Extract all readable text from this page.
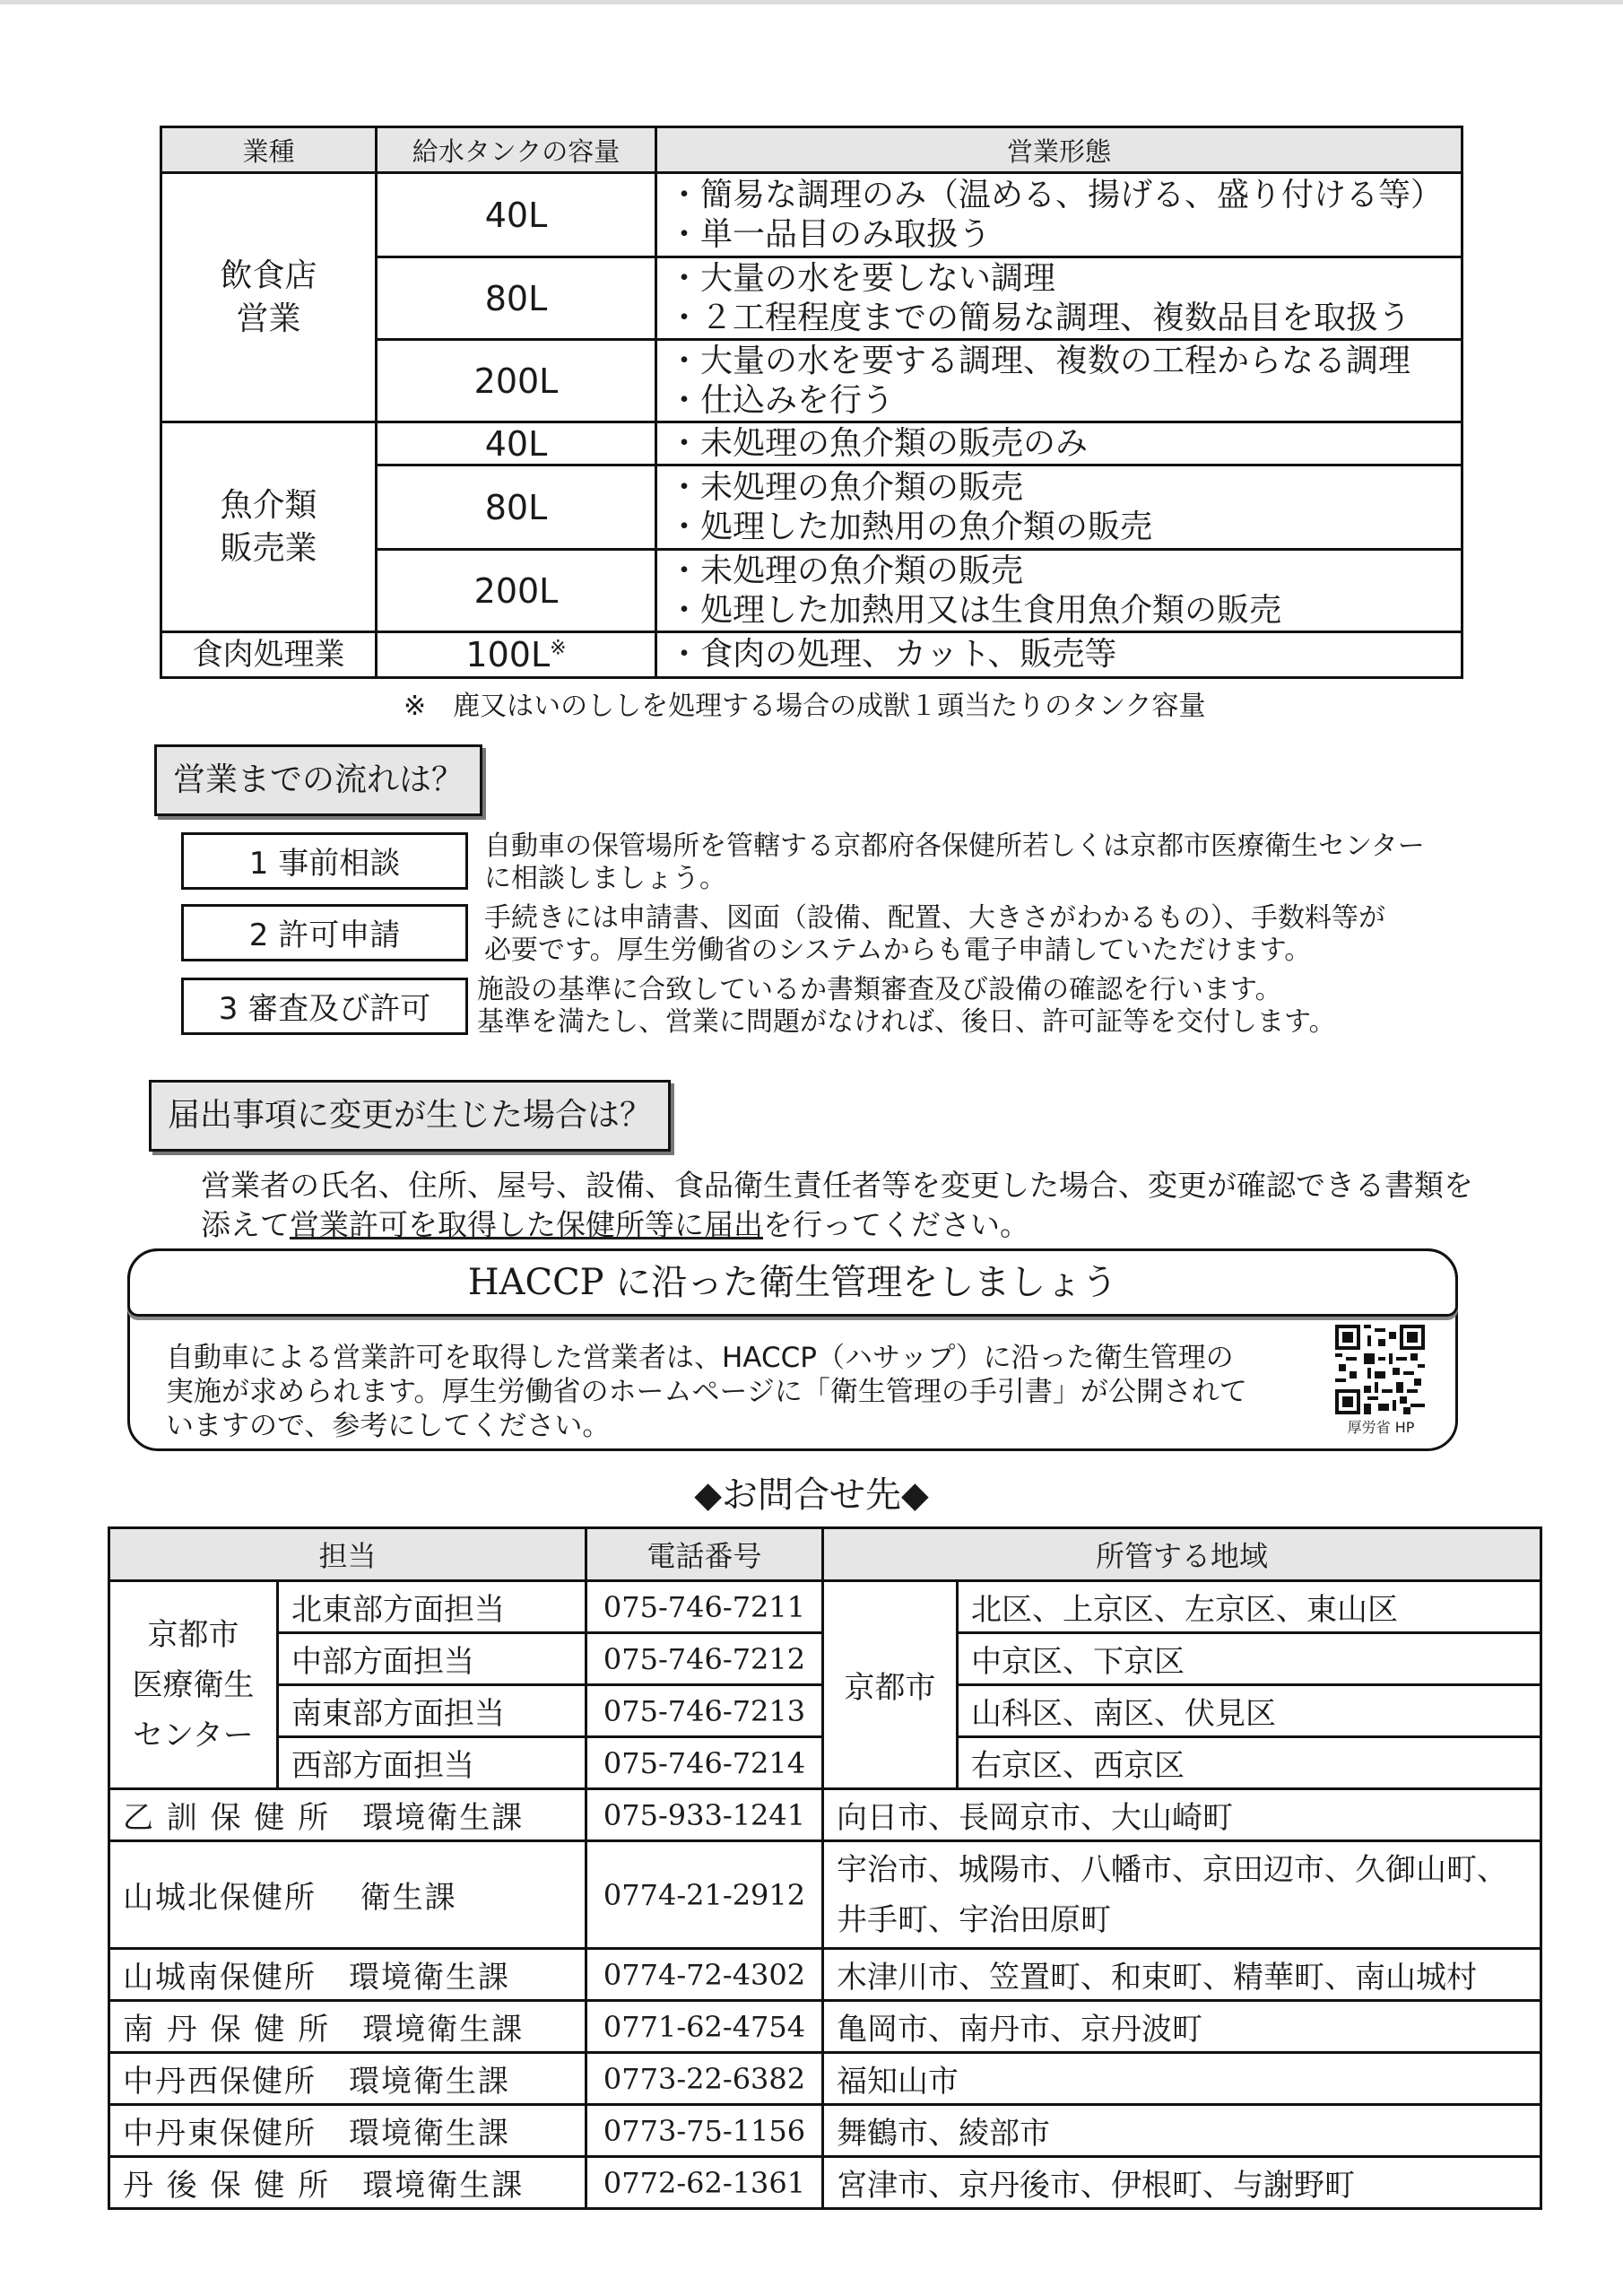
業種	給水タンクの容量	営業形態
飲食店
営業	40L	・簡易な調理のみ（温める、揚げる、盛り付ける等）
・単一品目のみ取扱う
	80L	・大量の水を要しない調理
・２工程程度までの簡易な調理、複数品目を取扱う
	200L	・大量の水を要する調理、複数の工程からなる調理
・仕込みを行う
魚介類
販売業	40L	・未処理の魚介類の販売のみ
	80L	・未処理の魚介類の販売
・処理した加熱用の魚介類の販売
	200L	・未処理の魚介類の販売
・処理した加熱用又は生食用魚介類の販売
食肉処理業	100L※	・食肉の処理、カット、販売等
※　鹿又はいのししを処理する場合の成獣１頭当たりのタンク容量
営業までの流れは？
1 事前相談	自動車の保管場所を管轄する京都府各保健所若しくは京都市医療衛生センター
に相談しましょう。
2 許可申請	手続きには申請書、図面（設備、配置、大きさがわかるもの）、手数料等が
必要です。厚生労働省のシステムからも電子申請していただけます。
3 審査及び許可
施設の基準に合致しているか書類審査及び設備の確認を行います。
基準を満たし、営業に問題がなければ、後日、許可証等を交付します。
届出事項に変更が生じた場合は？
営業者の氏名、住所、屋号、設備、食品衛生責任者等を変更した場合、変更が確認できる書類を
添えて営業許可を取得した保健所等に届出を行ってください。
HACCP に沿った衛生管理をしましょう
自動車による営業許可を取得した営業者は、HACCP（ハサップ）に沿った衛生管理の
実施が求められます。厚生労働省のホームページに「衛生管理の手引書」が公開されて
いますので、参考にしてください。	厚労省 HP
◆お問合せ先◆
担当		電話番号	所管する地域	
京都市
医療衛生
センター	北東部方面担当	075-746-7211	京都市	北区、上京区、左京区、東山区
	中部方面担当	075-746-7212		中京区、下京区
	南東部方面担当	075-746-7213		山科区、南区、伏見区
	西部方面担当	075-746-7214		右京区、西京区
乙 訓 保 健 所　環境衛生課		075-933-1241	向日市、長岡京市、大山崎町	
山城北保健所　 衛生課		0774-21-2912	宇治市、城陽市、八幡市、京田辺市、久御山町、
井手町、宇治田原町	
山城南保健所　環境衛生課		0774-72-4302	木津川市、笠置町、和束町、精華町、南山城村	
南 丹 保 健 所　環境衛生課		0771-62-4754	亀岡市、南丹市、京丹波町	
中丹西保健所　環境衛生課		0773-22-6382	福知山市	
中丹東保健所　環境衛生課		0773-75-1156	舞鶴市、綾部市	
丹 後 保 健 所　環境衛生課		0772-62-1361	宮津市、京丹後市、伊根町、与謝野町	
